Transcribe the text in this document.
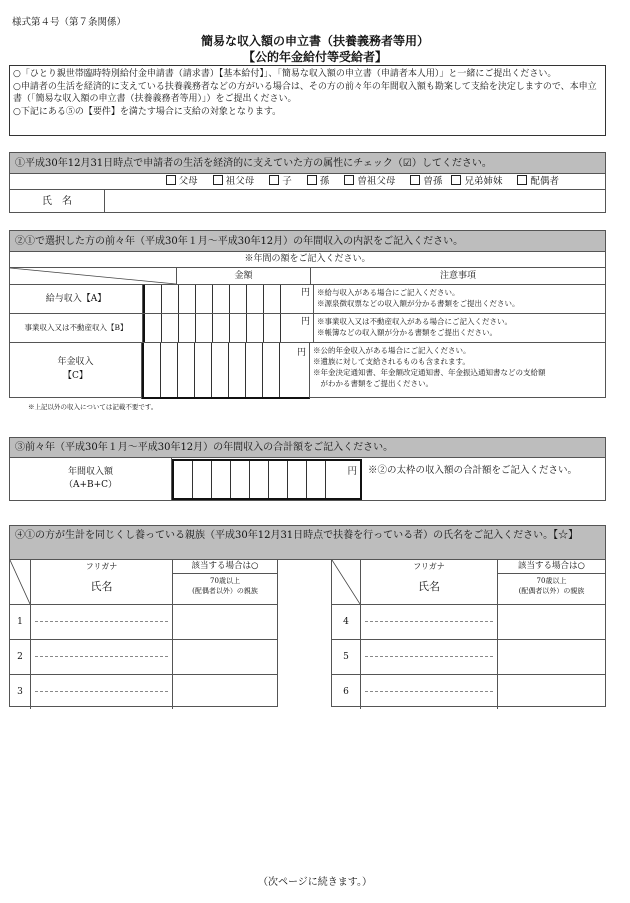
様式第４号（第７条関係）
簡易な収入額の申立書（扶養義務者等用）
【公的年金給付等受給者】

○「ひとり親世帯臨時特別給付金申請書（請求書）【基本給付】」、「簡易な収入額の申立書（申請者本人用）」と一緒にご提出ください。

○申請者の生活を経済的に支えている扶養義務者などの方がいる場合は、その方の前々年の年間収入額も勘案して支給を決定しますので、本申立書（「簡易な収入額の申立書（扶養義務者等用）」）をご提出ください。

○下記にある⑤の【要件】を満たす場合に支給の対象となります。

①平成30年12月31日時点で申請者の生活を経済的に支えていた方の属性にチェック（☑）してください。
父母	祖父母	子	孫	曽祖父母	曽孫 兄弟姉妹	配偶者
氏　名
②①で選択した方の前々年（平成30年１月～平成30年12月）の年間収入の内訳をご記入ください。
※年間の額をご記入ください。
金額	注意事項
給与収入【A】
円 ※給与収入がある場合にご記入ください。
※源泉徴収票などの収入額が分かる書類をご提出ください。
事業収入又は不動産収入【B】
円 ※事業収入又は不動産収入がある場合にご記入ください。
※帳簿などの収入額が分かる書類をご提出ください。
年金収入
【C】
円 ※公的年金収入がある場合にご記入ください。
※遺族に対して支給されるものも含まれます。
※年金決定通知書、年金額改定通知書、年金振込通知書などの支給額
　がわかる書類をご提出ください。
※上記以外の収入については記載不要です。
③前々年（平成30年１月～平成30年12月）の年間収入の合計額をご記入ください。
年間収入額
（A+B+C）
円	※②の太枠の収入額の合計額をご記入ください。
④①の方が生計を同じくし養っている親族（平成30年12月31日時点で扶養を行っている者）の氏名をご記入ください。【☆】
フリガナ
氏名
該当する場合は○
70歳以上
(配偶者以外）の親族
1
2
3
フリガナ
氏名
該当する場合は○
70歳以上
(配偶者以外）の親族
4
5
6
（次ページに続きます。）
